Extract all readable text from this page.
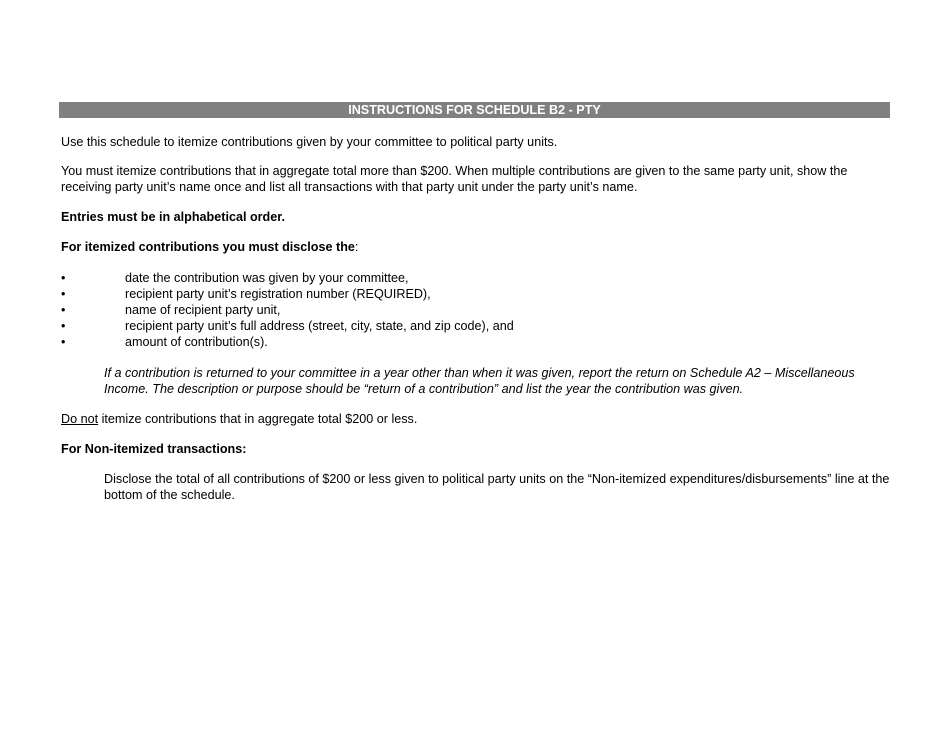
INSTRUCTIONS FOR SCHEDULE B2 - PTY

Use this schedule to itemize contributions given by your committee to political party units.

You must itemize contributions that in aggregate total more than $200. When multiple contributions are given to the same party unit, show the receiving party unit’s name once and list all transactions with that party unit under the party unit’s name.

Entries must be in alphabetical order.

For itemized contributions you must disclose the:

•	date the contribution was given by your committee,
•	recipient party unit’s registration number (REQUIRED),
•	name of recipient party unit,
•	recipient party unit’s full address (street, city, state, and zip code), and
•	amount of contribution(s).

If a contribution is returned to your committee in a year other than when it was given, report the return on Schedule A2 – Miscellaneous Income. The description or purpose should be “return of a contribution” and list the year the contribution was given.

Do not itemize contributions that in aggregate total $200 or less.

For Non-itemized transactions:

Disclose the total of all contributions of $200 or less given to political party units on the “Non-itemized expenditures/disbursements” line at the bottom of the schedule.
